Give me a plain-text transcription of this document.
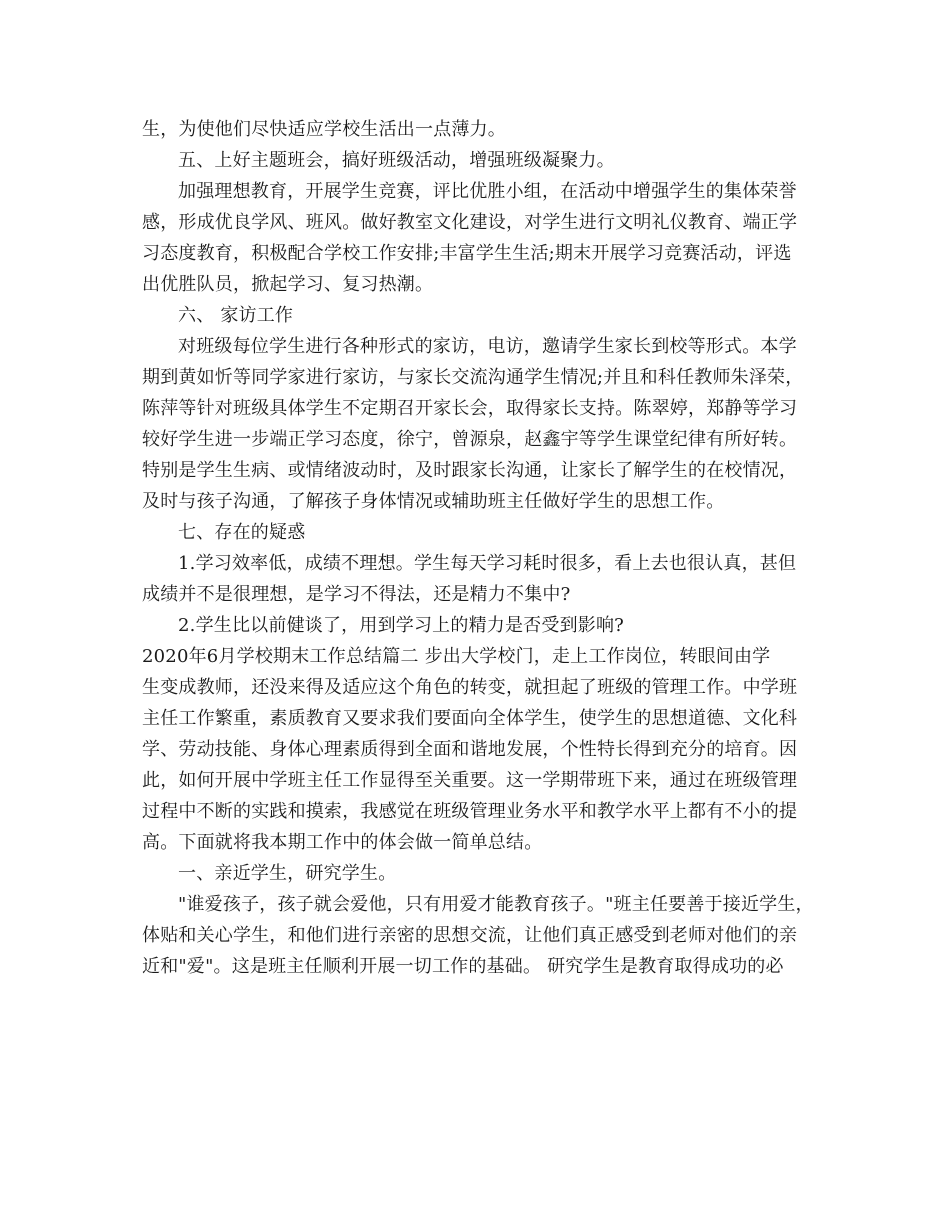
生，为使他们尽快适应学校生活出一点薄力。
五、上好主题班会，搞好班级活动，增强班级凝聚力。
加强理想教育，开展学生竞赛，评比优胜小组，在活动中增强学生的集体荣誉
感，形成优良学风、班风。做好教室文化建设，对学生进行文明礼仪教育、端正学
习态度教育，积极配合学校工作安排;丰富学生生活;期末开展学习竞赛活动，评选
出优胜队员，掀起学习、复习热潮。
六、 家访工作
对班级每位学生进行各种形式的家访，电访，邀请学生家长到校等形式。本学
期到黄如忻等同学家进行家访，与家长交流沟通学生情况;并且和科任教师朱泽荣，
陈萍等针对班级具体学生不定期召开家长会，取得家长支持。陈翠婷，郑静等学习
较好学生进一步端正学习态度，徐宁，曾源泉，赵鑫宇等学生课堂纪律有所好转。
特别是学生生病、或情绪波动时，及时跟家长沟通，让家长了解学生的在校情况，
及时与孩子沟通，了解孩子身体情况或辅助班主任做好学生的思想工作。
七、存在的疑惑
1.学习效率低，成绩不理想。学生每天学习耗时很多，看上去也很认真，甚但
成绩并不是很理想，是学习不得法，还是精力不集中?
2.学生比以前健谈了，用到学习上的精力是否受到影响?
2020年6月学校期末工作总结篇二 步出大学校门，走上工作岗位，转眼间由学
生变成教师，还没来得及适应这个角色的转变，就担起了班级的管理工作。中学班
主任工作繁重，素质教育又要求我们要面向全体学生，使学生的思想道德、文化科
学、劳动技能、身体心理素质得到全面和谐地发展，个性特长得到充分的培育。因
此，如何开展中学班主任工作显得至关重要。这一学期带班下来，通过在班级管理
过程中不断的实践和摸索，我感觉在班级管理业务水平和教学水平上都有不小的提
高。下面就将我本期工作中的体会做一简单总结。
一、亲近学生，研究学生。
"谁爱孩子，孩子就会爱他，只有用爱才能教育孩子。"班主任要善于接近学生，
体贴和关心学生，和他们进行亲密的思想交流，让他们真正感受到老师对他们的亲
近和"爱"。这是班主任顺利开展一切工作的基础。 研究学生是教育取得成功的必
